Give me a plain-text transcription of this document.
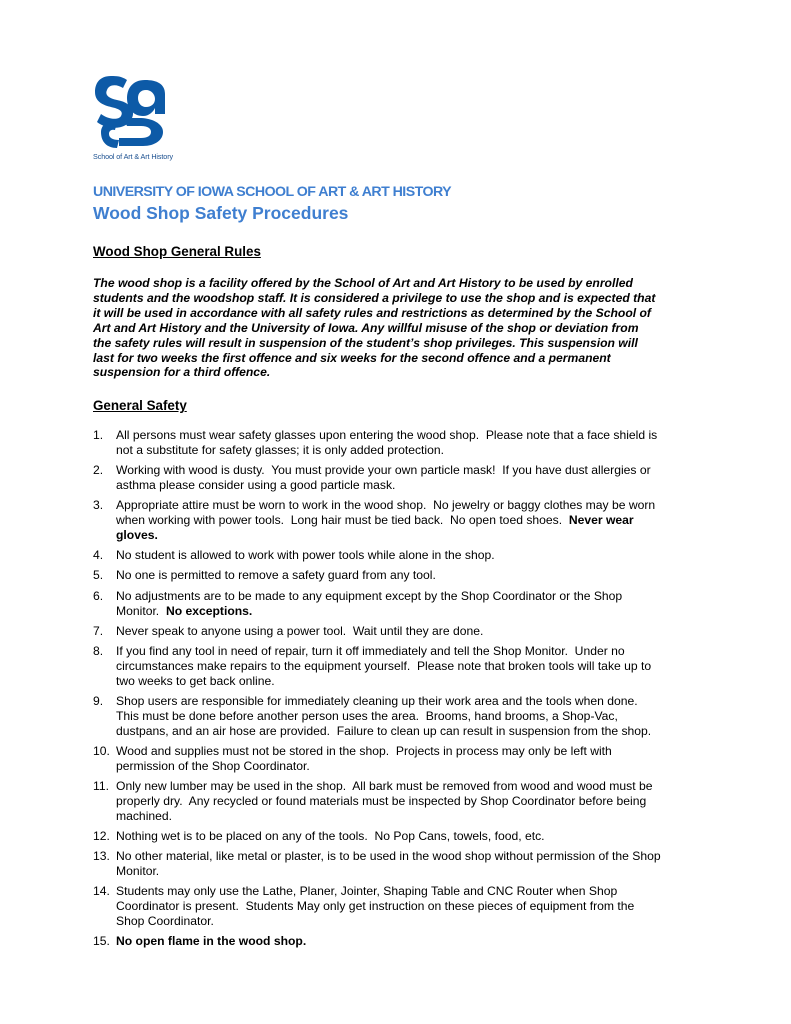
School of Art & Art History
UNIVERSITY OF IOWA SCHOOL OF ART & ART HISTORY
Wood Shop Safety Procedures
Wood Shop General Rules
The wood shop is a facility offered by the School of Art and Art History to be used by enrolled
students and the woodshop staff. It is considered a privilege to use the shop and is expected that
it will be used in accordance with all safety rules and restrictions as determined by the School of
Art and Art History and the University of Iowa. Any willful misuse of the shop or deviation from
the safety rules will result in suspension of the student’s shop privileges. This suspension will
last for two weeks the first offence and six weeks for the second offence and a permanent
suspension for a third offence.
General Safety
1. All persons must wear safety glasses upon entering the wood shop.  Please note that a face shield is
not a substitute for safety glasses; it is only added protection.
2. Working with wood is dusty.  You must provide your own particle mask!  If you have dust allergies or
asthma please consider using a good particle mask.
3. Appropriate attire must be worn to work in the wood shop.  No jewelry or baggy clothes may be worn
when working with power tools.  Long hair must be tied back.  No open toed shoes.  Never wear
gloves.
4. No student is allowed to work with power tools while alone in the shop.
5. No one is permitted to remove a safety guard from any tool.
6. No adjustments are to be made to any equipment except by the Shop Coordinator or the Shop
Monitor.  No exceptions.
7. Never speak to anyone using a power tool.  Wait until they are done.
8. If you find any tool in need of repair, turn it off immediately and tell the Shop Monitor.  Under no
circumstances make repairs to the equipment yourself.  Please note that broken tools will take up to
two weeks to get back online.
9. Shop users are responsible for immediately cleaning up their work area and the tools when done.
This must be done before another person uses the area.  Brooms, hand brooms, a Shop-Vac,
dustpans, and an air hose are provided.  Failure to clean up can result in suspension from the shop.
10. Wood and supplies must not be stored in the shop.  Projects in process may only be left with
permission of the Shop Coordinator.
11. Only new lumber may be used in the shop.  All bark must be removed from wood and wood must be
properly dry.  Any recycled or found materials must be inspected by Shop Coordinator before being
machined.
12. Nothing wet is to be placed on any of the tools.  No Pop Cans, towels, food, etc.
13. No other material, like metal or plaster, is to be used in the wood shop without permission of the Shop
Monitor.
14. Students may only use the Lathe, Planer, Jointer, Shaping Table and CNC Router when Shop
Coordinator is present.  Students May only get instruction on these pieces of equipment from the
Shop Coordinator.
15. No open flame in the wood shop.
